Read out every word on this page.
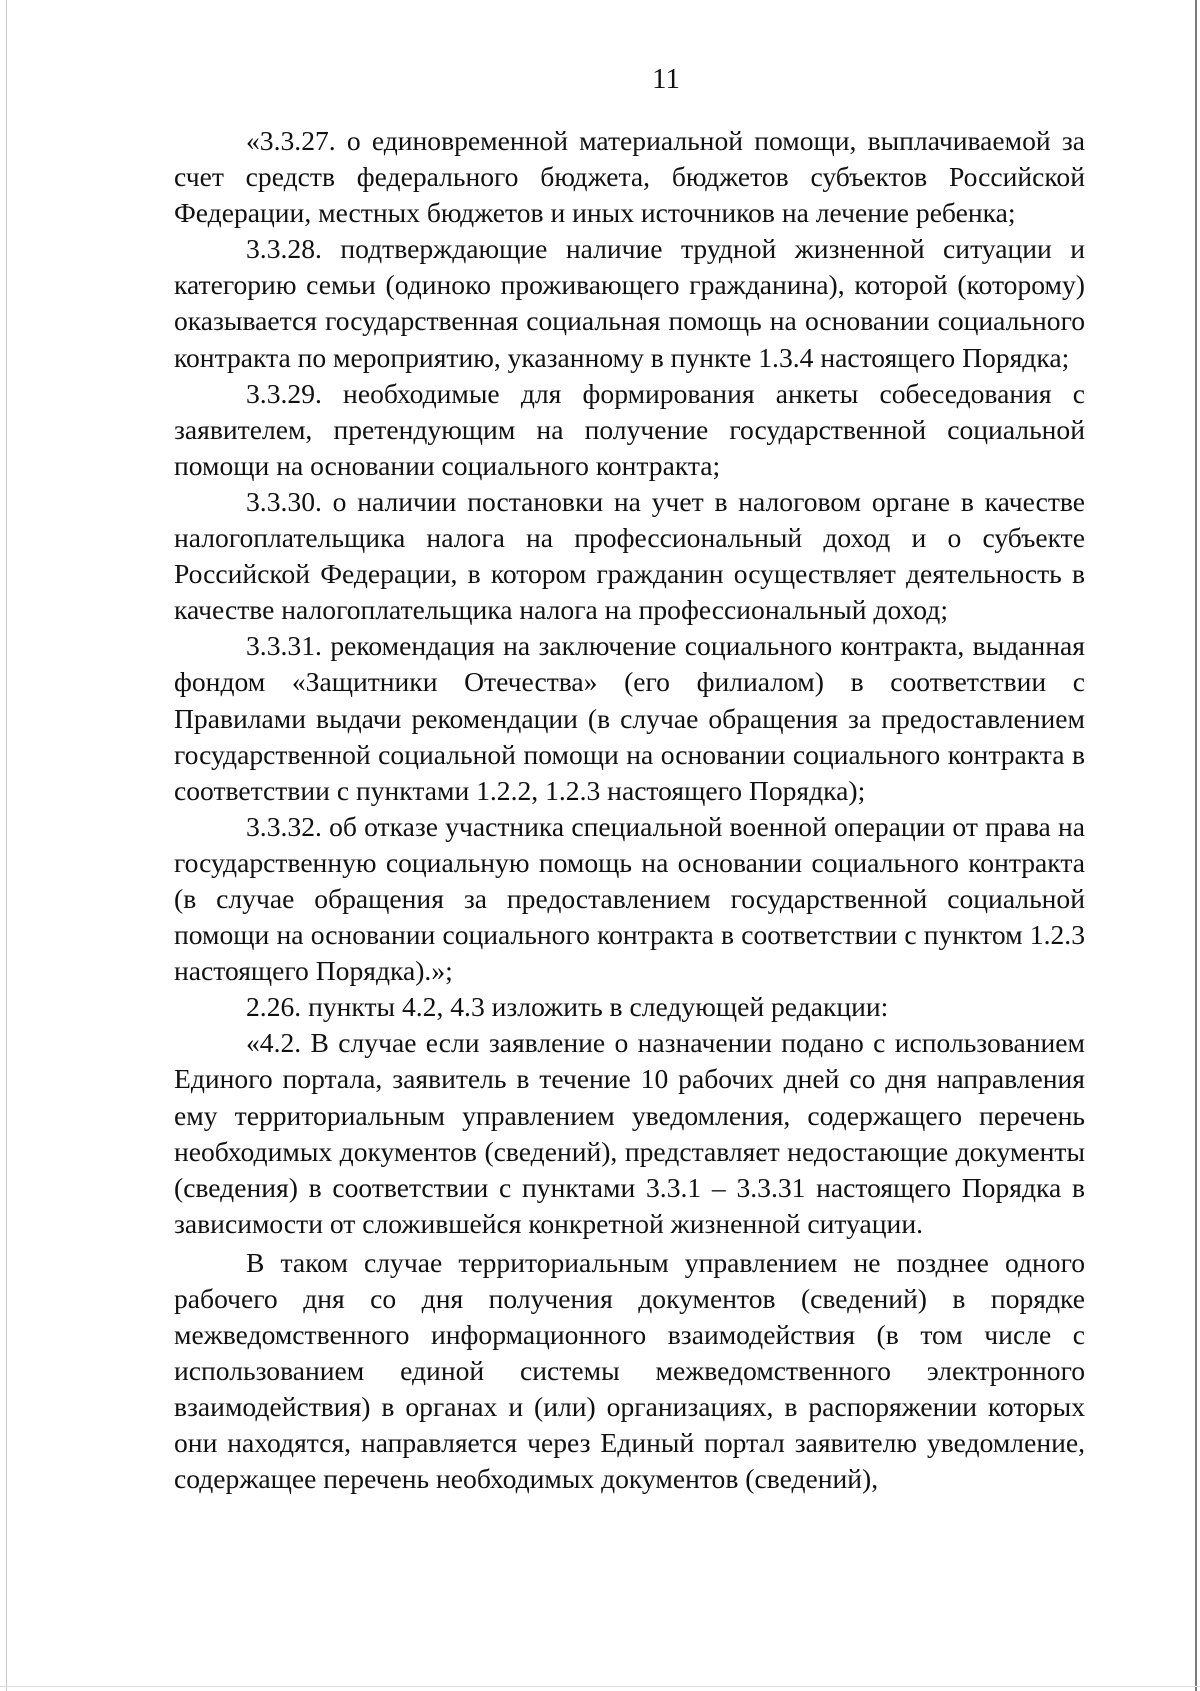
11

«3.3.27. о единовременной материальной помощи, выплачиваемой за счет средств федерального бюджета, бюджетов субъектов Российской Федерации, местных бюджетов и иных источников на лечение ребенка;

3.3.28. подтверждающие наличие трудной жизненной ситуации и категорию семьи (одиноко проживающего гражданина), которой (которому) оказывается государственная социальная помощь на основании социального контракта по мероприятию, указанному в пункте 1.3.4 настоящего Порядка;

3.3.29. необходимые для формирования анкеты собеседования с заявителем, претендующим на получение государственной социальной помощи на основании социального контракта;

3.3.30. о наличии постановки на учет в налоговом органе в качестве налогоплательщика налога на профессиональный доход и о субъекте Российской Федерации, в котором гражданин осуществляет деятельность в качестве налогоплательщика налога на профессиональный доход;

3.3.31. рекомендация на заключение социального контракта, выданная фондом «Защитники Отечества» (его филиалом) в соответствии с Правилами выдачи рекомендации (в случае обращения за предоставлением государственной социальной помощи на основании социального контракта в соответствии с пунктами 1.2.2, 1.2.3 настоящего Порядка);

3.3.32. об отказе участника специальной военной операции от права на государственную социальную помощь на основании социального контракта (в случае обращения за предоставлением государственной социальной помощи на основании социального контракта в соответствии с пунктом 1.2.3 настоящего Порядка).»;

2.26. пункты 4.2, 4.3 изложить в следующей редакции:

«4.2. В случае если заявление о назначении подано с использованием Единого портала, заявитель в течение 10 рабочих дней со дня направления ему территориальным управлением уведомления, содержащего перечень необходимых документов (сведений), представляет недостающие документы (сведения) в соответствии с пунктами 3.3.1 – 3.3.31 настоящего Порядка в зависимости от сложившейся конкретной жизненной ситуации.

В таком случае территориальным управлением не позднее одного рабочего дня со дня получения документов (сведений) в порядке межведомственного информационного взаимодействия (в том числе с использованием единой системы межведомственного электронного взаимодействия) в органах и (или) организациях, в распоряжении которых они находятся, направляется через Единый портал заявителю уведомление, содержащее перечень необходимых документов (сведений),
